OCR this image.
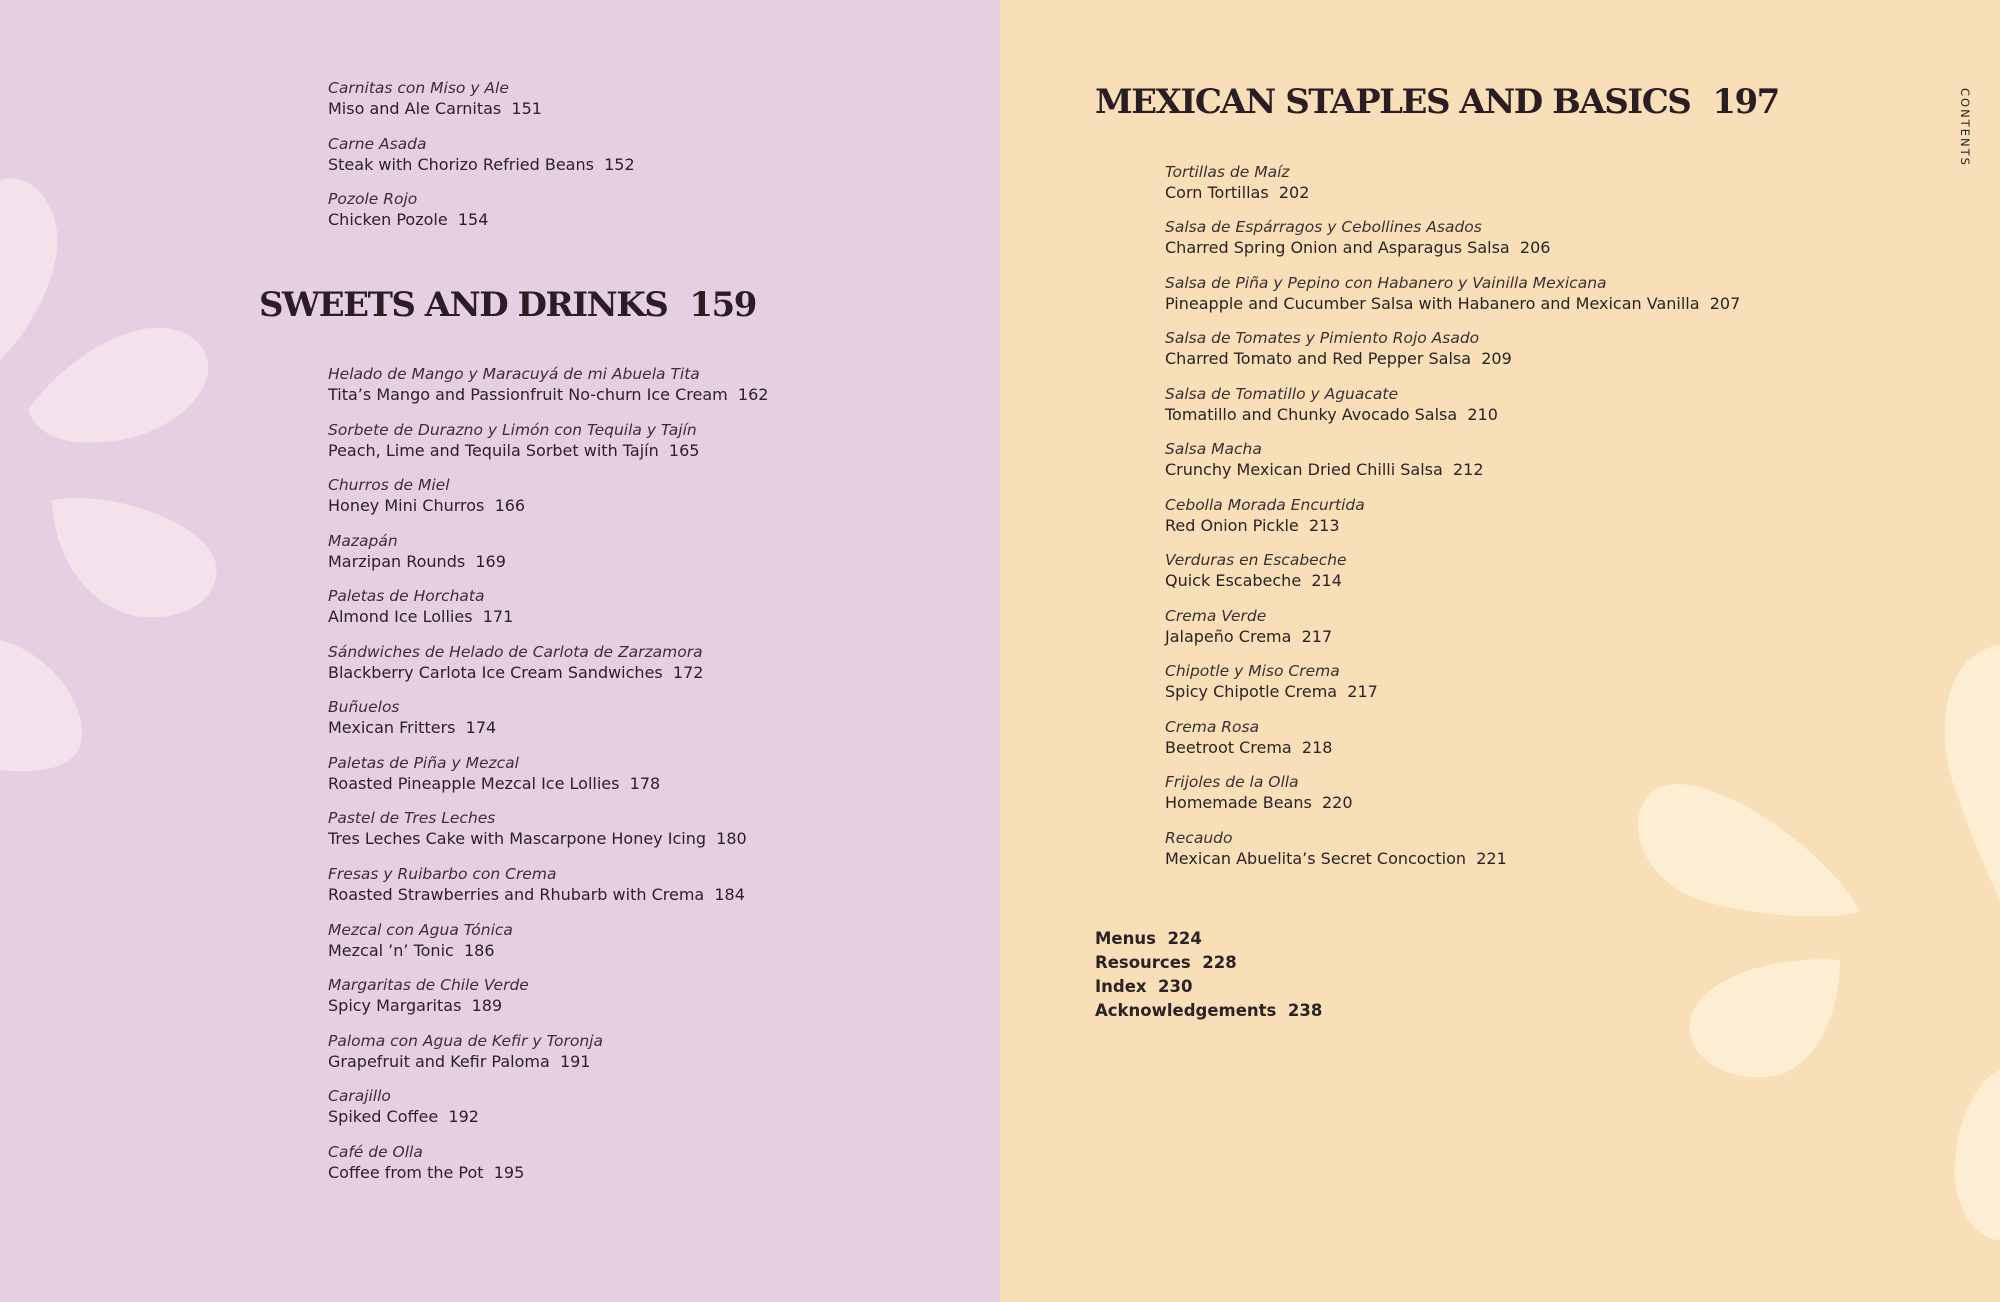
Carnitas con Miso y Ale
Miso and Ale Carnitas 151
Carne Asada
Steak with Chorizo Refried Beans 152
Pozole Rojo
Chicken Pozole 154
SWEETS AND DRINKS 159
Helado de Mango y Maracuyá de mi Abuela Tita
Tita’s Mango and Passionfruit No-churn Ice Cream 162
Sorbete de Durazno y Limón con Tequila y Tajín
Peach, Lime and Tequila Sorbet with Tajín 165
Churros de Miel
Honey Mini Churros 166
Mazapán
Marzipan Rounds 169
Paletas de Horchata
Almond Ice Lollies 171
Sándwiches de Helado de Carlota de Zarzamora
Blackberry Carlota Ice Cream Sandwiches 172
Buñuelos
Mexican Fritters 174
Paletas de Piña y Mezcal
Roasted Pineapple Mezcal Ice Lollies 178
Pastel de Tres Leches
Tres Leches Cake with Mascarpone Honey Icing 180
Fresas y Ruibarbo con Crema
Roasted Strawberries and Rhubarb with Crema 184
Mezcal con Agua Tónica
Mezcal ’n’ Tonic 186
Margaritas de Chile Verde
Spicy Margaritas 189
Paloma con Agua de Kefir y Toronja
Grapefruit and Kefir Paloma 191
Carajillo
Spiked Coffee 192
Café de Olla
Coffee from the Pot 195
CONTENTS
MEXICAN STAPLES AND BASICS 197
Tortillas de Maíz
Corn Tortillas 202
Salsa de Espárragos y Cebollines Asados
Charred Spring Onion and Asparagus Salsa 206
Salsa de Piña y Pepino con Habanero y Vainilla Mexicana
Pineapple and Cucumber Salsa with Habanero and Mexican Vanilla 207
Salsa de Tomates y Pimiento Rojo Asado
Charred Tomato and Red Pepper Salsa 209
Salsa de Tomatillo y Aguacate
Tomatillo and Chunky Avocado Salsa 210
Salsa Macha
Crunchy Mexican Dried Chilli Salsa 212
Cebolla Morada Encurtida
Red Onion Pickle 213
Verduras en Escabeche
Quick Escabeche 214
Crema Verde
Jalapeño Crema 217
Chipotle y Miso Crema
Spicy Chipotle Crema 217
Crema Rosa
Beetroot Crema 218
Frijoles de la Olla
Homemade Beans 220
Recaudo
Mexican Abuelita’s Secret Concoction 221
Menus 224
Resources 228
Index 230
Acknowledgements 238
